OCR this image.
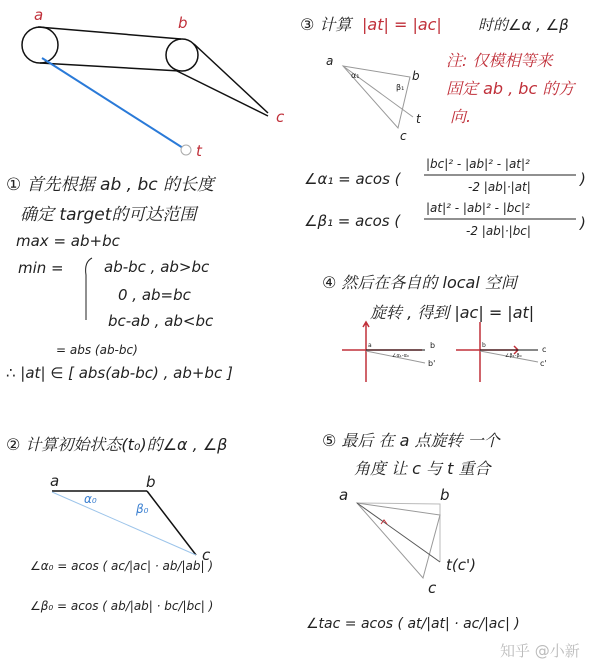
a	b
c
t
① 首先根据 ab , bc 的长度
确定 target的可达范围
max = ab+bc
min =	ab-bc , ab>bc
0 , ab=bc
bc-ab , ab<bc
= abs (ab-bc)
∴ |at| ∈ [ abs(ab-bc) , ab+bc ]
③ 计算 |at| = |ac| 时的∠α , ∠β
注: 仅模相等来
固定 ab , bc 的方
向.
a
b
c
t
α₁
β₁
∠α₁ = acos (
|bc|² - |ab|² - |at|²
-2 |ab|·|at|	)
∠β₁ = acos (
|at|² - |ab|² - |bc|²
-2 |ab|·|bc|	)
④ 然后在各自的 local 空间
旋转 , 得到 |ac| = |at|
a	b
b'
∠α₁-α₀
b	c
c'
∠β₁-β₀
② 计算初始状态(t₀)的∠α , ∠β
a	b
c
α₀
β₀
∠α₀ = acos ( ac/|ac| · ab/|ab| )
∠β₀ = acos ( ab/|ab| · bc/|bc| )
⑤ 最后 在 a 点旋转 一个
角度 让 c 与 t 重合
a	b
c
t(c')
∠tac = acos ( at/|at| · ac/|ac| )
知乎 @小新
